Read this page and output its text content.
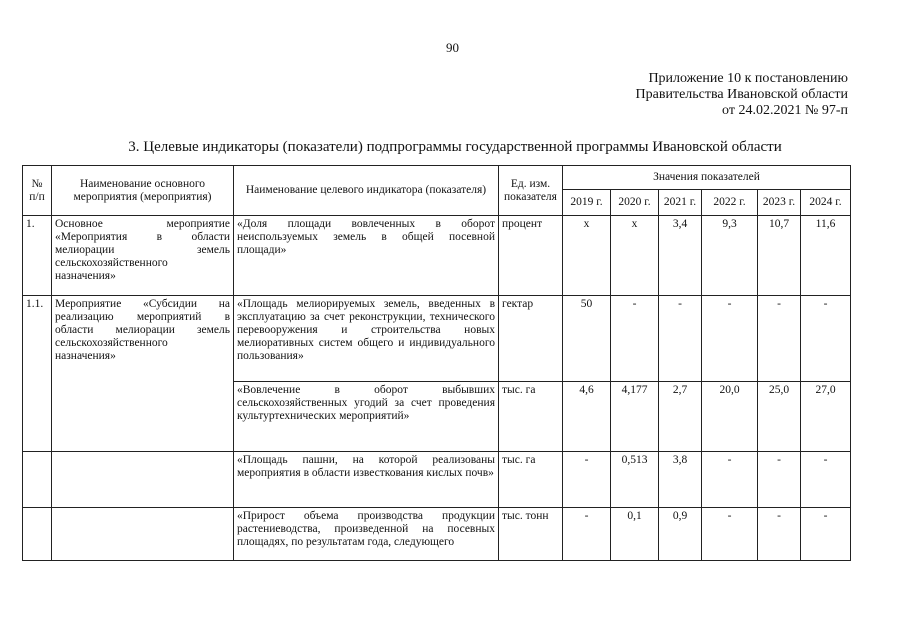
90
Приложение 10 к постановлению
Правительства Ивановской области
от 24.02.2021 № 97-п
3. Целевые индикаторы (показатели) подпрограммы государственной программы Ивановской области
№ п/п	Наименование основного мероприятия (мероприятия)	Наименование целевого индикатора (показателя)	Ед. изм. показателя	Значения показателей					
				2019 г.	2020 г.	2021 г.	2022 г.	2023 г.	2024 г.
1.	Основное мероприятие «Мероприятия в области мелиорации земель сельскохозяйственного назначения»	«Доля площади вовлеченных в оборот неиспользуемых земель в общей посевной площади»	процент	х	х	3,4	9,3	10,7	11,6
1.1.	Мероприятие «Субсидии на реализацию мероприятий в области мелиорации земель сельскохозяйственного назначения»	«Площадь мелиорируемых земель, введенных в эксплуатацию за счет реконструкции, технического перевооружения и строительства новых мелиоративных систем общего и индивидуального пользования»	гектар	50	-	-	-	-	-
		«Вовлечение в оборот выбывших сельскохозяйственных угодий за счет проведения культуртехнических мероприятий»	тыс. га	4,6	4,177	2,7	20,0	25,0	27,0
		«Площадь пашни, на которой реализованы мероприятия в области известкования кислых почв»	тыс. га	-	0,513	3,8	-	-	-
		«Прирост объема производства продукции растениеводства, произведенной на посевных площадях, по результатам года, следующего	тыс. тонн	-	0,1	0,9	-	-	-
